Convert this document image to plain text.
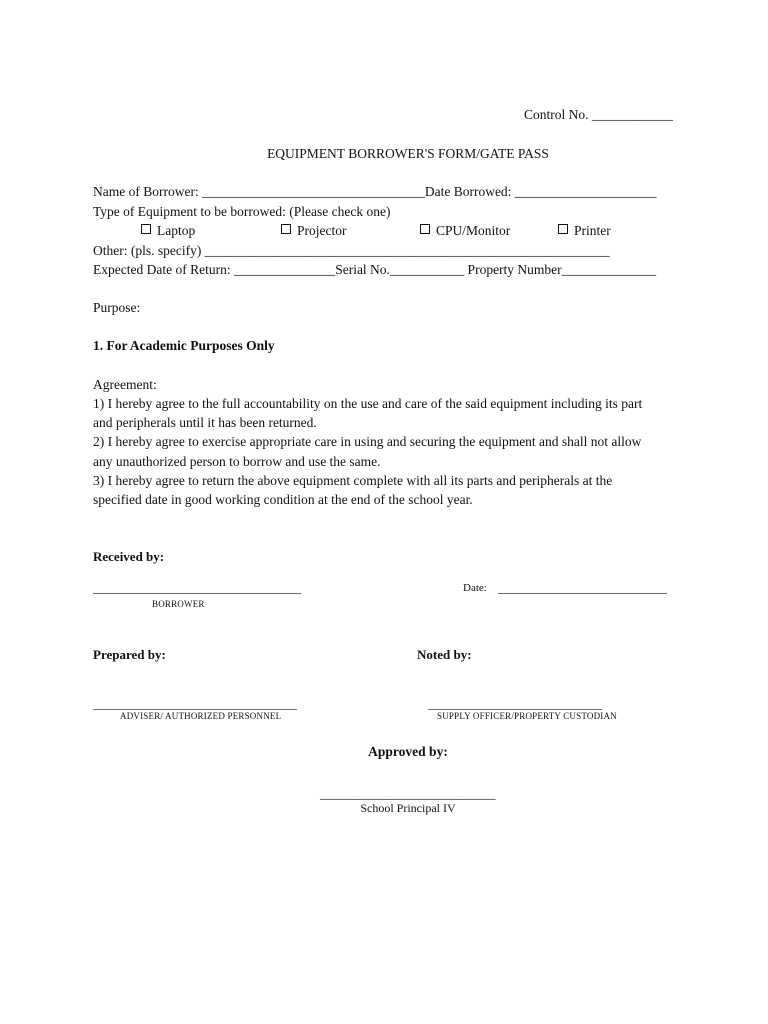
Control No. ____________
EQUIPMENT BORROWER'S FORM/GATE PASS
Name of Borrower: _________________________________Date Borrowed: _____________________
Type of Equipment to be borrowed: (Please check one)
Laptop	Projector	CPU/Monitor	Printer
Other: (pls. specify) ____________________________________________________________
Expected Date of Return: _______________Serial No.___________ Property Number______________
Purpose:
1. For Academic Purposes Only
Agreement:
1) I hereby agree to the full accountability on the use and care of the said equipment including its part
and peripherals until it has been returned.
2) I hereby agree to exercise appropriate care in using and securing the equipment and shall not allow
any unauthorized person to borrow and use the same.
3) I hereby agree to return the above equipment complete with all its parts and peripherals at the
specified date in good working condition at the end of the school year.
Received by:
________________________________
BORROWER
Date: __________________________
Prepared by:	Noted by:
__________________________________
ADVISER/ AUTHORIZED PERSONNEL
_____________________________
SUPPLY OFFICER/PROPERTY CUSTODIAN
Approved by:
___________________________
School Principal IV
